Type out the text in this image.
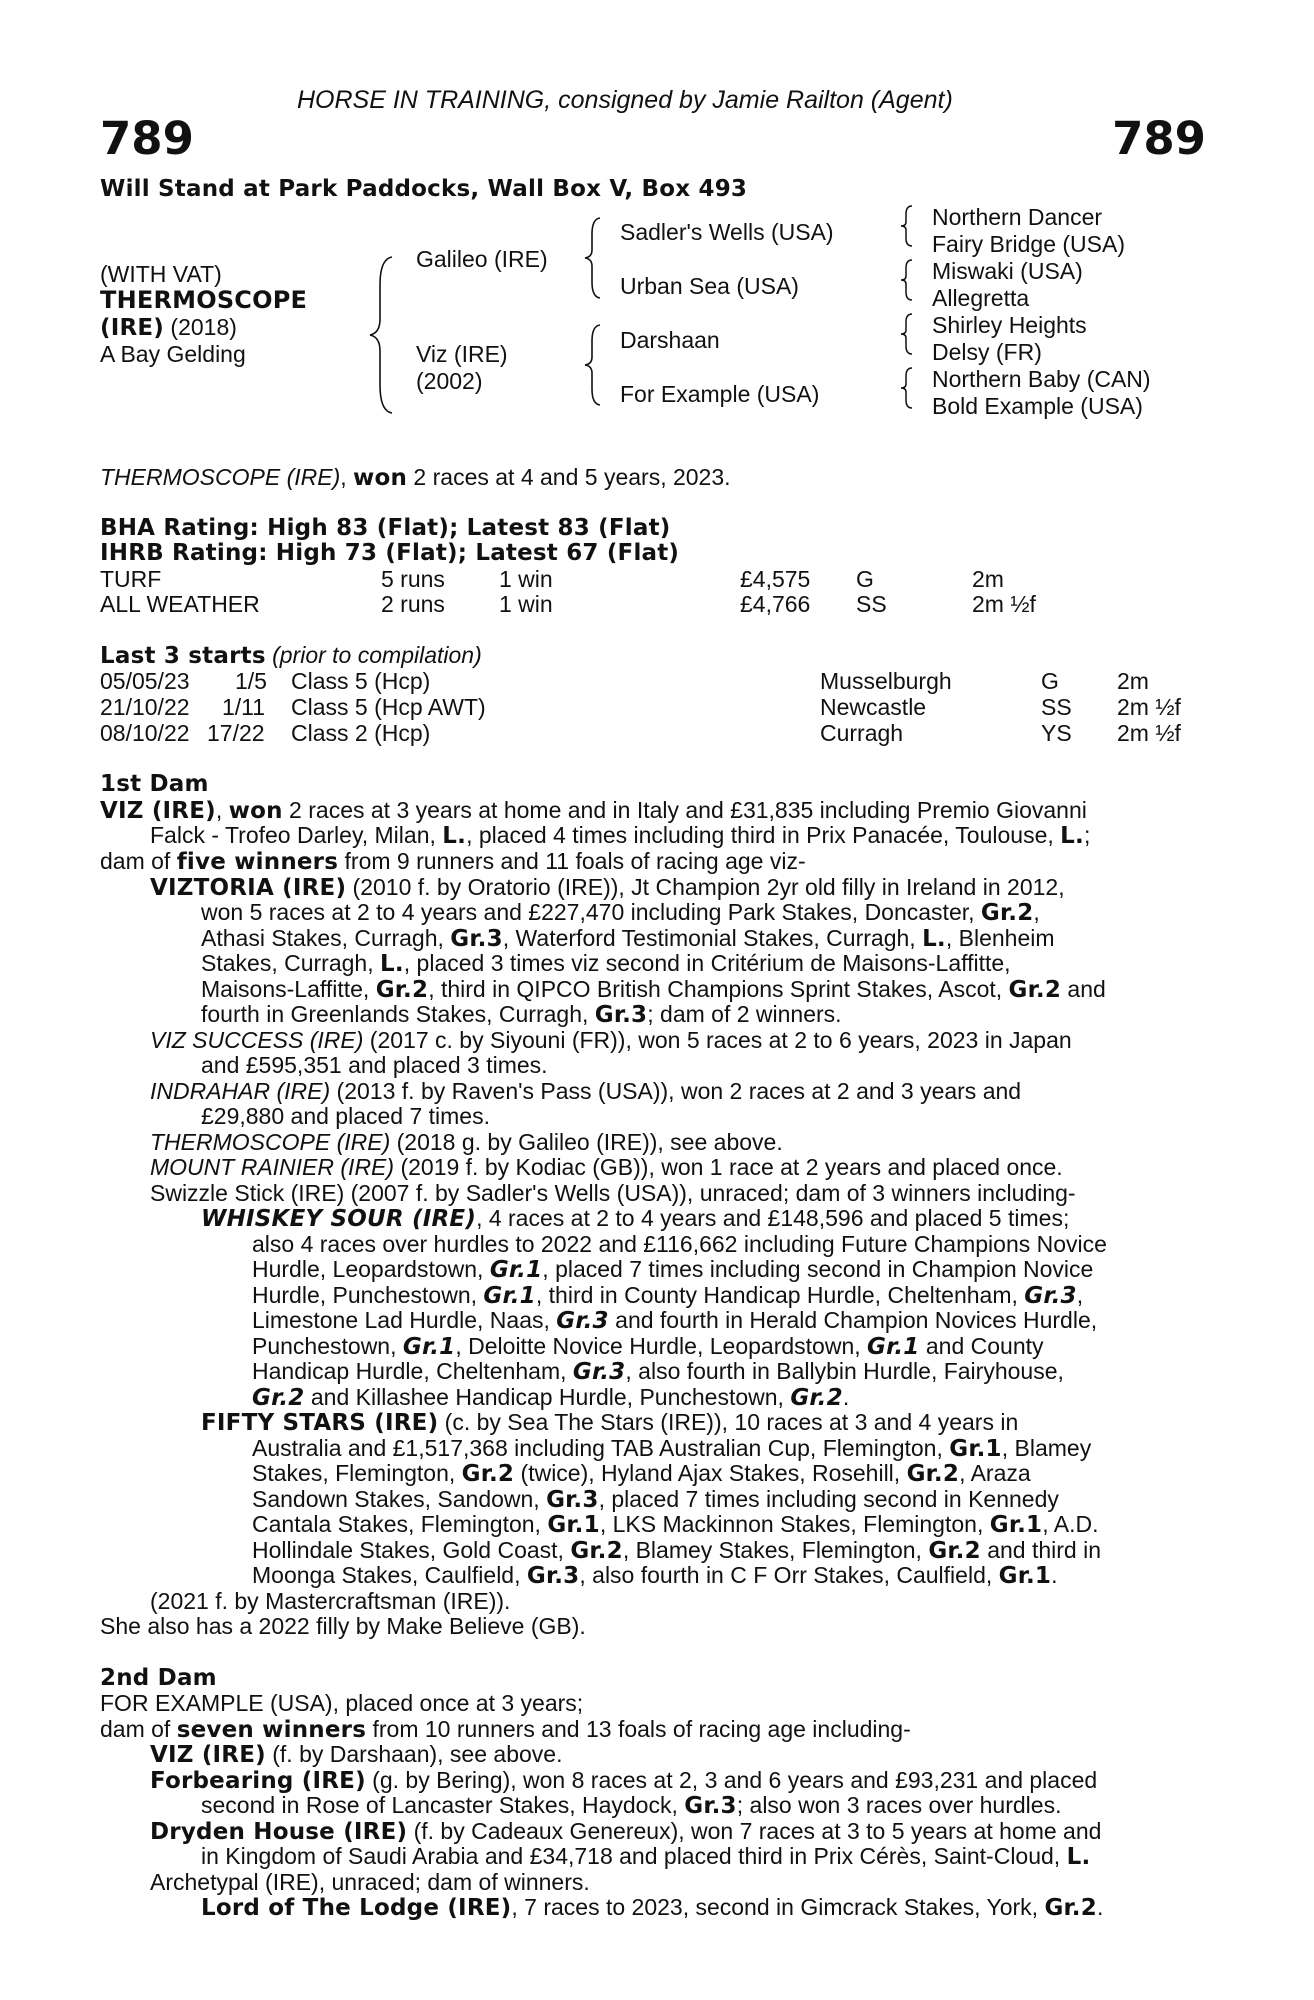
HORSE IN TRAINING, consigned by Jamie Railton (Agent)
789	789
Will Stand at Park Paddocks, Wall Box V, Box 493
(WITH VAT)
THERMOSCOPE
(IRE) (2018)
A Bay Gelding
Galileo (IRE)
Viz (IRE)
(2002)
Sadler's Wells (USA)
Urban Sea (USA)
Darshaan
For Example (USA)
Northern Dancer
Fairy Bridge (USA)
Miswaki (USA)
Allegretta
Shirley Heights
Delsy (FR)
Northern Baby (CAN)
Bold Example (USA)
THERMOSCOPE (IRE), won 2 races at 4 and 5 years, 2023.
BHA Rating: High 83 (Flat); Latest 83 (Flat)
IHRB Rating: High 73 (Flat); Latest 67 (Flat)
TURF	5 runs 1 win	£4,575 G	2m
ALL WEATHER	2 runs 1 win	£4,766 SS	2m ½f
Last 3 starts (prior to compilation)
05/05/23 1/5 Class 5 (Hcp)	Musselburgh	G	2m
21/10/22 1/11 Class 5 (Hcp AWT)	Newcastle	SS 2m ½f
08/10/22 17/22 Class 2 (Hcp)	Curragh	YS 2m ½f
1st Dam
VIZ (IRE), won 2 races at 3 years at home and in Italy and £31,835 including Premio Giovanni
Falck - Trofeo Darley, Milan, L., placed 4 times including third in Prix Panacée, Toulouse, L.;
dam of five winners from 9 runners and 11 foals of racing age viz-
VIZTORIA (IRE) (2010 f. by Oratorio (IRE)), Jt Champion 2yr old filly in Ireland in 2012,
won 5 races at 2 to 4 years and £227,470 including Park Stakes, Doncaster, Gr.2,
Athasi Stakes, Curragh, Gr.3, Waterford Testimonial Stakes, Curragh, L., Blenheim
Stakes, Curragh, L., placed 3 times viz second in Critérium de Maisons-Laffitte,
Maisons-Laffitte, Gr.2, third in QIPCO British Champions Sprint Stakes, Ascot, Gr.2 and
fourth in Greenlands Stakes, Curragh, Gr.3; dam of 2 winners.
VIZ SUCCESS (IRE) (2017 c. by Siyouni (FR)), won 5 races at 2 to 6 years, 2023 in Japan
and £595,351 and placed 3 times.
INDRAHAR (IRE) (2013 f. by Raven's Pass (USA)), won 2 races at 2 and 3 years and
£29,880 and placed 7 times.
THERMOSCOPE (IRE) (2018 g. by Galileo (IRE)), see above.
MOUNT RAINIER (IRE) (2019 f. by Kodiac (GB)), won 1 race at 2 years and placed once.
Swizzle Stick (IRE) (2007 f. by Sadler's Wells (USA)), unraced; dam of 3 winners including-
WHISKEY SOUR (IRE), 4 races at 2 to 4 years and £148,596 and placed 5 times;
also 4 races over hurdles to 2022 and £116,662 including Future Champions Novice
Hurdle, Leopardstown, Gr.1, placed 7 times including second in Champion Novice
Hurdle, Punchestown, Gr.1, third in County Handicap Hurdle, Cheltenham, Gr.3,
Limestone Lad Hurdle, Naas, Gr.3 and fourth in Herald Champion Novices Hurdle,
Punchestown, Gr.1, Deloitte Novice Hurdle, Leopardstown, Gr.1 and County
Handicap Hurdle, Cheltenham, Gr.3, also fourth in Ballybin Hurdle, Fairyhouse,
Gr.2 and Killashee Handicap Hurdle, Punchestown, Gr.2.
FIFTY STARS (IRE) (c. by Sea The Stars (IRE)), 10 races at 3 and 4 years in
Australia and £1,517,368 including TAB Australian Cup, Flemington, Gr.1, Blamey
Stakes, Flemington, Gr.2 (twice), Hyland Ajax Stakes, Rosehill, Gr.2, Araza
Sandown Stakes, Sandown, Gr.3, placed 7 times including second in Kennedy
Cantala Stakes, Flemington, Gr.1, LKS Mackinnon Stakes, Flemington, Gr.1, A.D.
Hollindale Stakes, Gold Coast, Gr.2, Blamey Stakes, Flemington, Gr.2 and third in
Moonga Stakes, Caulfield, Gr.3, also fourth in C F Orr Stakes, Caulfield, Gr.1.
(2021 f. by Mastercraftsman (IRE)).
She also has a 2022 filly by Make Believe (GB).
2nd Dam
FOR EXAMPLE (USA), placed once at 3 years;
dam of seven winners from 10 runners and 13 foals of racing age including-
VIZ (IRE) (f. by Darshaan), see above.
Forbearing (IRE) (g. by Bering), won 8 races at 2, 3 and 6 years and £93,231 and placed
second in Rose of Lancaster Stakes, Haydock, Gr.3; also won 3 races over hurdles.
Dryden House (IRE) (f. by Cadeaux Genereux), won 7 races at 3 to 5 years at home and
in Kingdom of Saudi Arabia and £34,718 and placed third in Prix Cérès, Saint-Cloud, L.
Archetypal (IRE), unraced; dam of winners.
Lord of The Lodge (IRE), 7 races to 2023, second in Gimcrack Stakes, York, Gr.2.
